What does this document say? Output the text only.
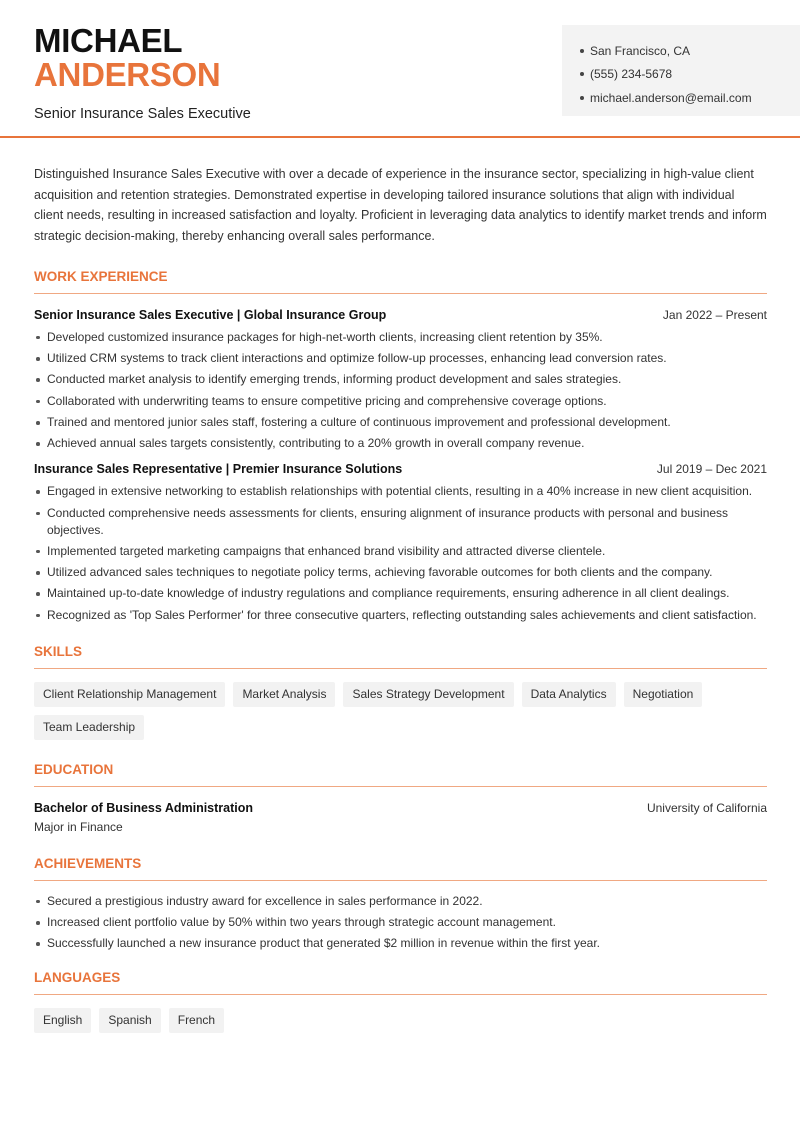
MICHAEL
ANDERSON
Senior Insurance Sales Executive
San Francisco, CA
(555) 234-5678
michael.anderson@email.com

Distinguished Insurance Sales Executive with over a decade of experience in the insurance sector, specializing in high-value client acquisition and retention strategies. Demonstrated expertise in developing tailored insurance solutions that align with individual client needs, resulting in increased satisfaction and loyalty. Proficient in leveraging data analytics to identify market trends and inform strategic decision-making, thereby enhancing overall sales performance.

WORK EXPERIENCE
Senior Insurance Sales Executive | Global Insurance Group	Jan 2022 – Present
Developed customized insurance packages for high-net-worth clients, increasing client retention by 35%.
Utilized CRM systems to track client interactions and optimize follow-up processes, enhancing lead conversion rates.
Conducted market analysis to identify emerging trends, informing product development and sales strategies.
Collaborated with underwriting teams to ensure competitive pricing and comprehensive coverage options.
Trained and mentored junior sales staff, fostering a culture of continuous improvement and professional development.
Achieved annual sales targets consistently, contributing to a 20% growth in overall company revenue.
Insurance Sales Representative | Premier Insurance Solutions	Jul 2019 – Dec 2021
Engaged in extensive networking to establish relationships with potential clients, resulting in a 40% increase in new client acquisition.
Conducted comprehensive needs assessments for clients, ensuring alignment of insurance products with personal and business objectives.
Implemented targeted marketing campaigns that enhanced brand visibility and attracted diverse clientele.
Utilized advanced sales techniques to negotiate policy terms, achieving favorable outcomes for both clients and the company.
Maintained up-to-date knowledge of industry regulations and compliance requirements, ensuring adherence in all client dealings.
Recognized as 'Top Sales Performer' for three consecutive quarters, reflecting outstanding sales achievements and client satisfaction.
SKILLS
Client Relationship Management	Market Analysis	Sales Strategy Development	Data Analytics	Negotiation
Team Leadership
EDUCATION
Bachelor of Business Administration	University of California
Major in Finance
ACHIEVEMENTS
Secured a prestigious industry award for excellence in sales performance in 2022.
Increased client portfolio value by 50% within two years through strategic account management.
Successfully launched a new insurance product that generated $2 million in revenue within the first year.
LANGUAGES
English	Spanish	French
